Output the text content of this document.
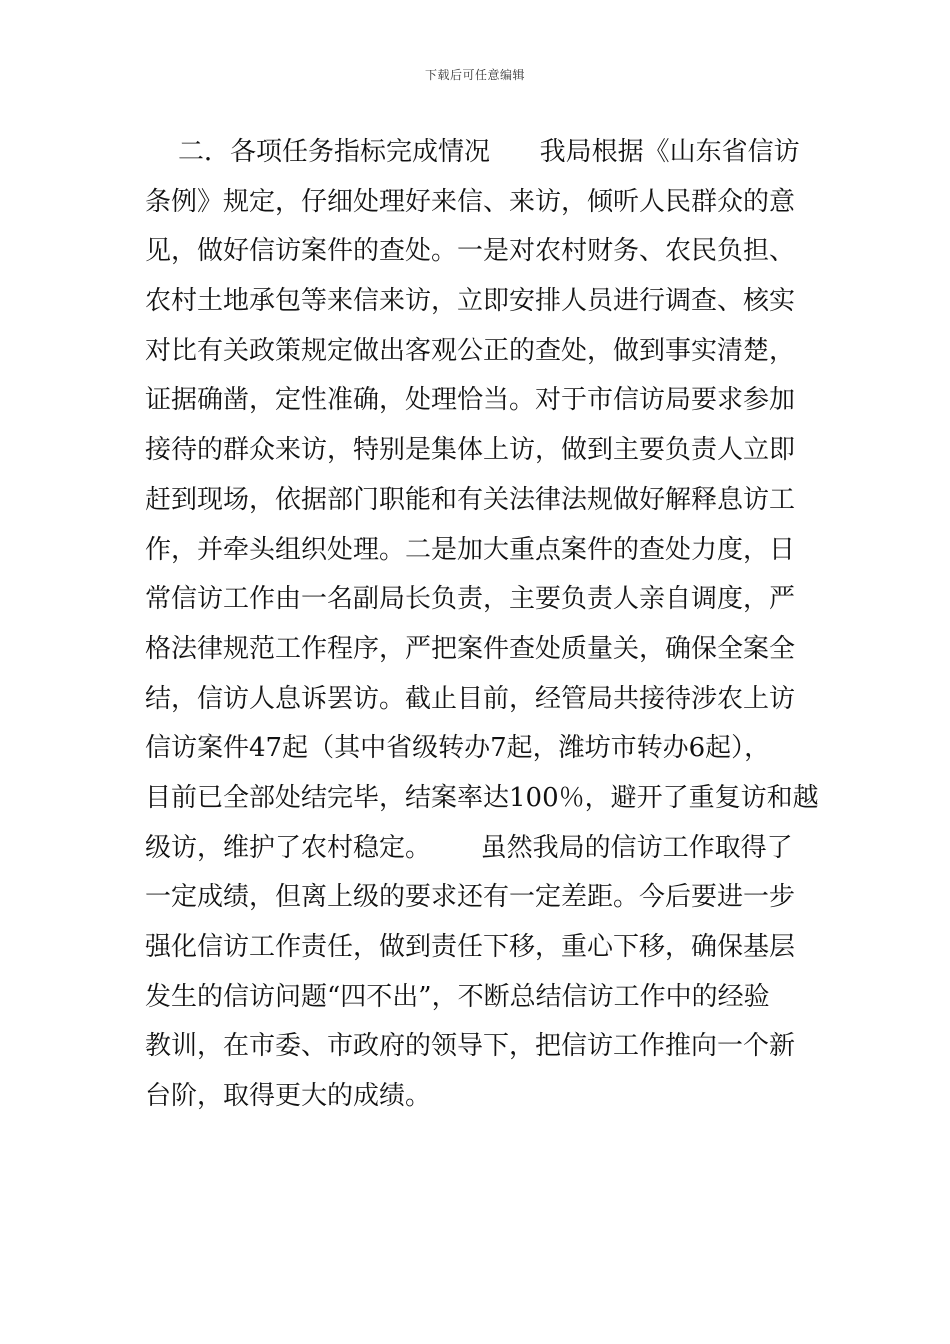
下载后可任意编辑
二．各项任务指标完成情况      我局根据《山东省信访
条例》规定，仔细处理好来信、来访，倾听人民群众的意
见，做好信访案件的查处。一是对农村财务、农民负担、
农村土地承包等来信来访，立即安排人员进行调查、核实
对比有关政策规定做出客观公正的查处，做到事实清楚，
证据确凿，定性准确，处理恰当。对于市信访局要求参加
接待的群众来访，特别是集体上访，做到主要负责人立即
赶到现场，依据部门职能和有关法律法规做好解释息访工
作，并牵头组织处理。二是加大重点案件的查处力度，日
常信访工作由一名副局长负责，主要负责人亲自调度，严
格法律规范工作程序，严把案件查处质量关，确保全案全
结，信访人息诉罢访。截止目前，经管局共接待涉农上访
信访案件47起（其中省级转办7起，潍坊市转办6起），
目前已全部处结完毕，结案率达100％，避开了重复访和越
级访，维护了农村稳定。      虽然我局的信访工作取得了
一定成绩，但离上级的要求还有一定差距。今后要进一步
强化信访工作责任，做到责任下移，重心下移，确保基层
发生的信访问题“四不出”，不断总结信访工作中的经验
教训，在市委、市政府的领导下，把信访工作推向一个新
台阶，取得更大的成绩。
